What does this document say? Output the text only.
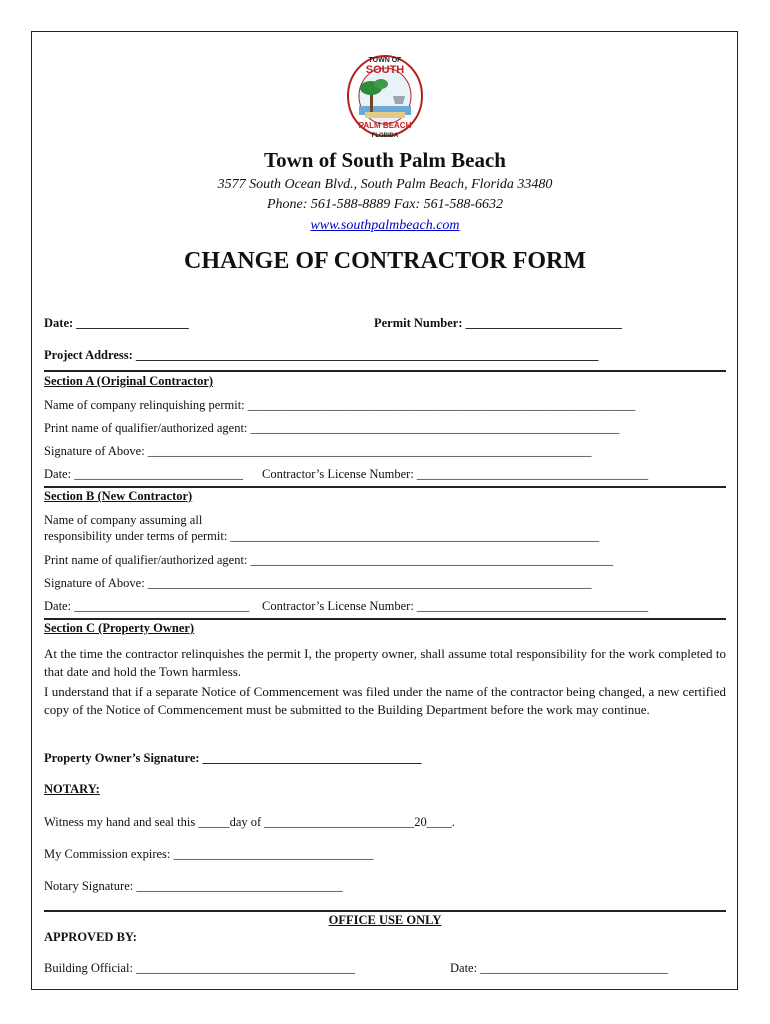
TOWN OF
SOUTH
PALM BEACH
FLORIDA
Town of South Palm Beach
3577 South Ocean Blvd., South Palm Beach, Florida 33480
Phone: 561-588-8889 Fax: 561-588-6632
www.southpalmbeach.com
CHANGE OF CONTRACTOR FORM
Date: __________________	Permit Number: _________________________
Project Address: __________________________________________________________________________
Section A (Original Contractor)
Name of company relinquishing permit: ______________________________________________________________
Print name of qualifier/authorized agent: ___________________________________________________________
Signature of Above: _______________________________________________________________________
Date: ___________________________ Contractor’s License Number: _____________________________________
Section B (New Contractor)
Name of company assuming all
responsibility under terms of permit: ___________________________________________________________
Print name of qualifier/authorized agent: __________________________________________________________
Signature of Above: _______________________________________________________________________
Date: ____________________________ Contractor’s License Number: _____________________________________
Section C (Property Owner)
At the time the contractor relinquishes the permit I, the property owner, shall assume total responsibility for the work completed to that date and hold the Town harmless.
I understand that if a separate Notice of Commencement was filed under the name of the contractor being changed, a new certified copy of the Notice of Commencement must be submitted to the Building Department before the work may continue.
Property Owner’s Signature: ___________________________________
NOTARY:
Witness my hand and seal this _____day of ________________________20____.
My Commission expires: ________________________________
Notary Signature: _________________________________
OFFICE USE ONLY
APPROVED BY:
Building Official: ___________________________________	Date: ______________________________
